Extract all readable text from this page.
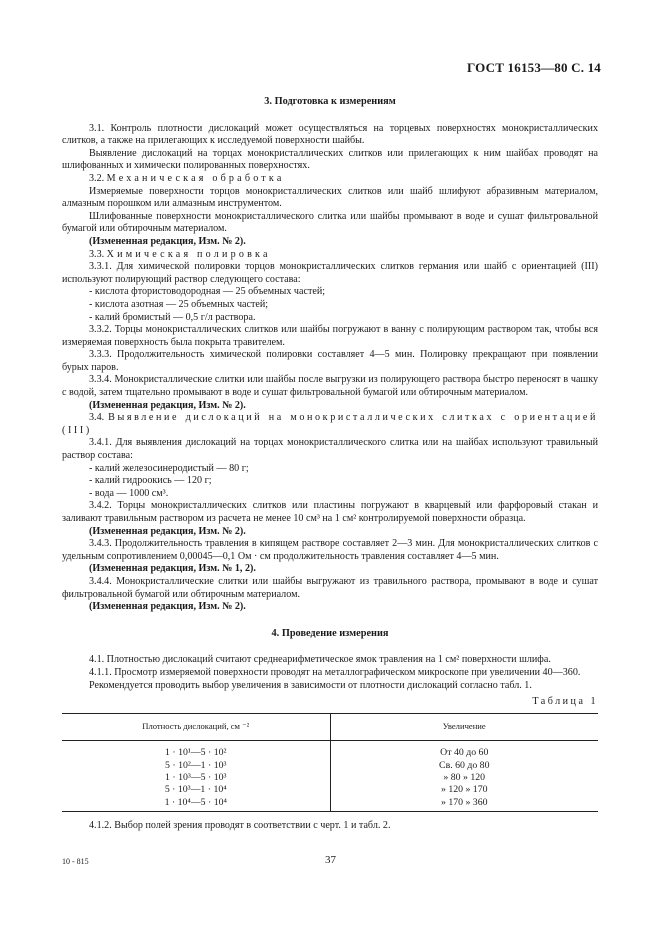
ГОСТ 16153—80 С. 14
3. Подготовка к измерениям

3.1. Контроль плотности дислокаций может осуществляться на торцевых поверхностях монокристаллических слитков, а также на прилегающих к исследуемой поверхности шайбы.

Выявление дислокаций на торцах монокристаллических слитков или прилегающих к ним шайбах проводят на шлифованных и химически полированных поверхностях.

3.2. Механическая обработка

Измеряемые поверхности торцов монокристаллических слитков или шайб шлифуют абразивным материалом, алмазным порошком или алмазным инструментом.

Шлифованные поверхности монокристаллического слитка или шайбы промывают в воде и сушат фильтровальной бумагой или обтирочным материалом.

(Измененная редакция, Изм. № 2).

3.3. Химическая полировка

3.3.1. Для химической полировки торцов монокристаллических слитков германия или шайб с ориентацией (III) используют полирующий раствор следующего состава:

- кислота фтористоводородная — 25 объемных частей;

- кислота азотная — 25 объемных частей;

- калий бромистый — 0,5 г/л раствора.

3.3.2. Торцы монокристаллических слитков или шайбы погружают в ванну с полирующим раствором так, чтобы вся измеряемая поверхность была покрыта травителем.

3.3.3. Продолжительность химической полировки составляет 4—5 мин. Полировку прекращают при появлении бурых паров.

3.3.4. Монокристаллические слитки или шайбы после выгрузки из полирующего раствора быстро переносят в чашку с водой, затем тщательно промывают в воде и сушат фильтровальной бумагой или обтирочным материалом.

(Измененная редакция, Изм. № 2).

3.4. Выявление дислокаций на монокристаллических слитках с ориентацией (III)

3.4.1. Для выявления дислокаций на торцах монокристаллического слитка или на шайбах используют травильный раствор состава:

- калий железосинеродистый — 80 г;

- калий гидроокись — 120 г;

- вода — 1000 см³.

3.4.2. Торцы монокристаллических слитков или пластины погружают в кварцевый или фарфоровый стакан и заливают травильным раствором из расчета не менее 10 см³ на 1 см² контролируемой поверхности образца.

(Измененная редакция, Изм. № 2).

3.4.3. Продолжительность травления в кипящем растворе составляет 2—3 мин. Для монокристаллических слитков с удельным сопротивлением 0,00045—0,1 Ом · см продолжительность травления составляет 4—5 мин.

(Измененная редакция, Изм. № 1, 2).

3.4.4. Монокристаллические слитки или шайбы выгружают из травильного раствора, промывают в воде и сушат фильтровальной бумагой или обтирочным материалом.

(Измененная редакция, Изм. № 2).

4. Проведение измерения

4.1. Плотностью дислокаций считают среднеарифметическое ямок травления на 1 см² поверхности шлифа.

4.1.1. Просмотр измеряемой поверхности проводят на металлографическом микроскопе при увеличении 40—360.

Рекомендуется проводить выбор увеличения в зависимости от плотности дислокаций согласно табл. 1.

Таблица 1
Плотность дислокаций, см ⁻²	Увеличение
1 · 10¹—5 · 10²	От 40 до 60
5 · 10²—1 · 10³	Св. 60 до 80
1 · 10³—5 · 10³	» 80 » 120
5 · 10³—1 · 10⁴	» 120 » 170
1 · 10⁴—5 · 10⁴	» 170 » 360

4.1.2. Выбор полей зрения проводят в соответствии с черт. 1 и табл. 2.

10 - 815	37
